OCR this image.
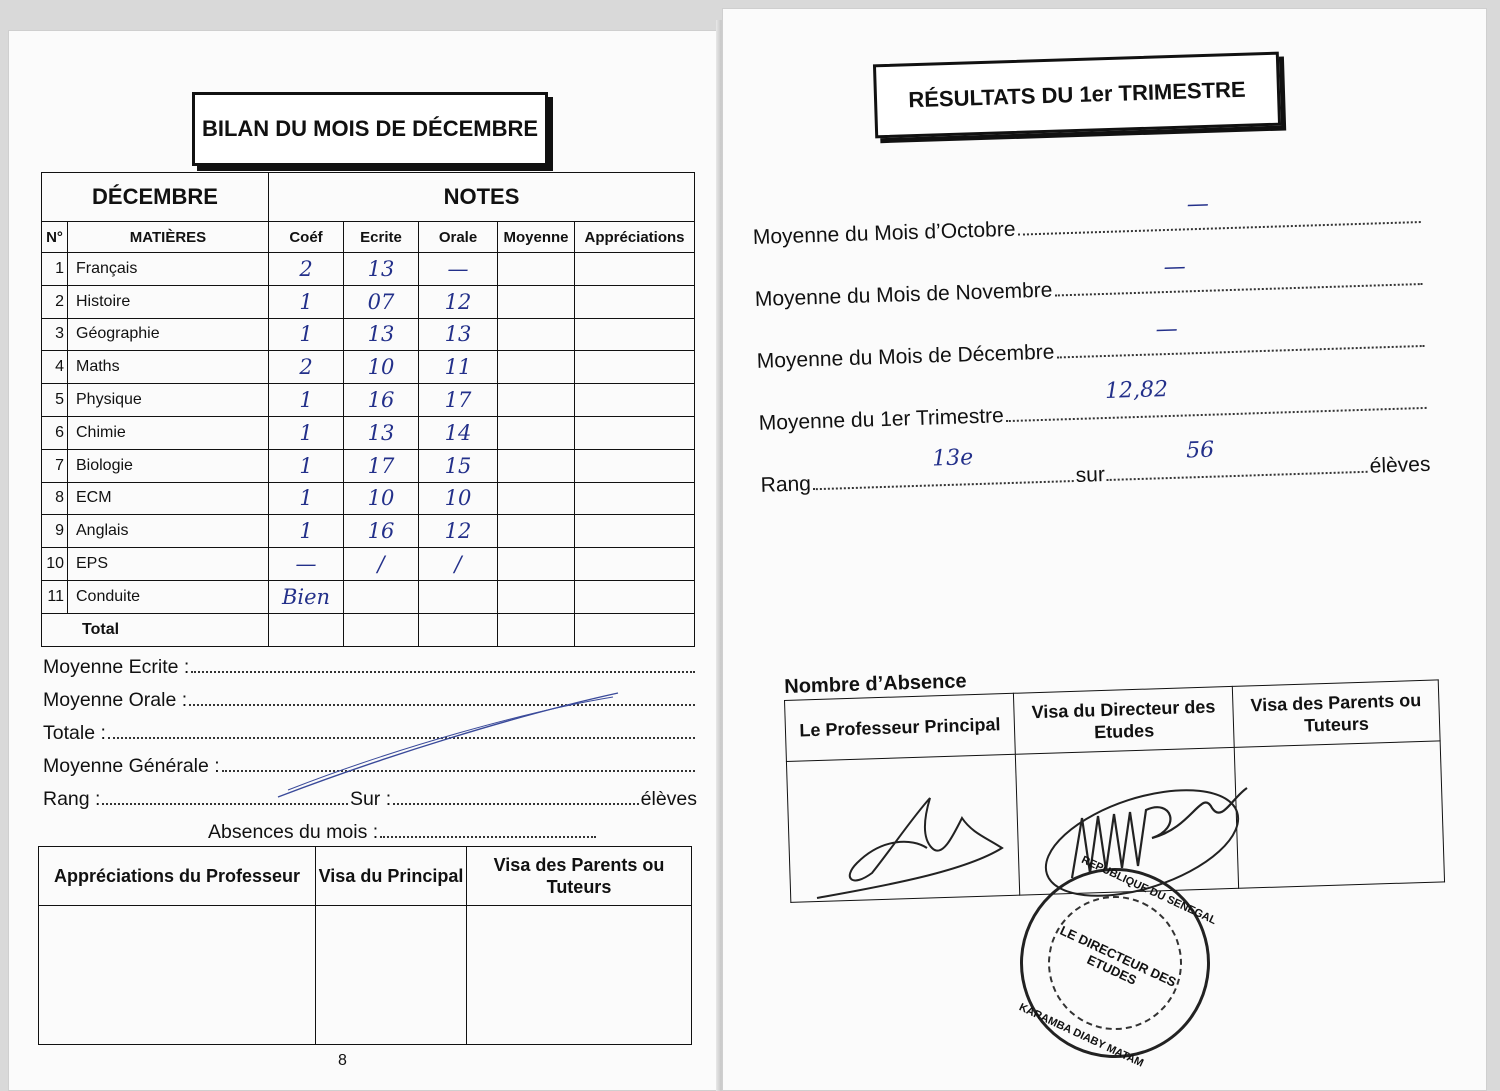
BILAN DU MOIS DE DÉCEMBRE
DÉCEMBRE		NOTES				
N°	MATIÈRES	Coéf	Ecrite	Orale	Moyenne	Appréciations
1	Français	2	13	—		
2	Histoire	1	07	12		
3	Géographie	1	13	13		
4	Maths	2	10	11		
5	Physique	1	16	17		
6	Chimie	1	13	14		
7	Biologie	1	17	15		
8	ECM	1	10	10		
9	Anglais	1	16	12		
10	EPS	—	/	/		
11	Conduite	Bien				
Total						
Moyenne Ecrite :
Moyenne Orale :
Totale :
Moyenne Générale :
Rang :	Sur :	élèves
Absences du mois :
Appréciations du Professeur	Visa du Principal	Visa des Parents ou Tuteurs

8
RÉSULTATS DU 1er TRIMESTRE
Moyenne du Mois d’Octobre
—
Moyenne du Mois de Novembre
—
Moyenne du Mois de Décembre
—
Moyenne du 1er Trimestre
12,82
Rang
13e
sur
56
élèves
Nombre d’Absence
Le Professeur Principal	Visa du Directeur des Etudes	Visa des Parents ou Tuteurs

REPUBLIQUE DU SENEGAL
LE DIRECTEUR DES ETUDES
KARAMBA DIABY MATAM
